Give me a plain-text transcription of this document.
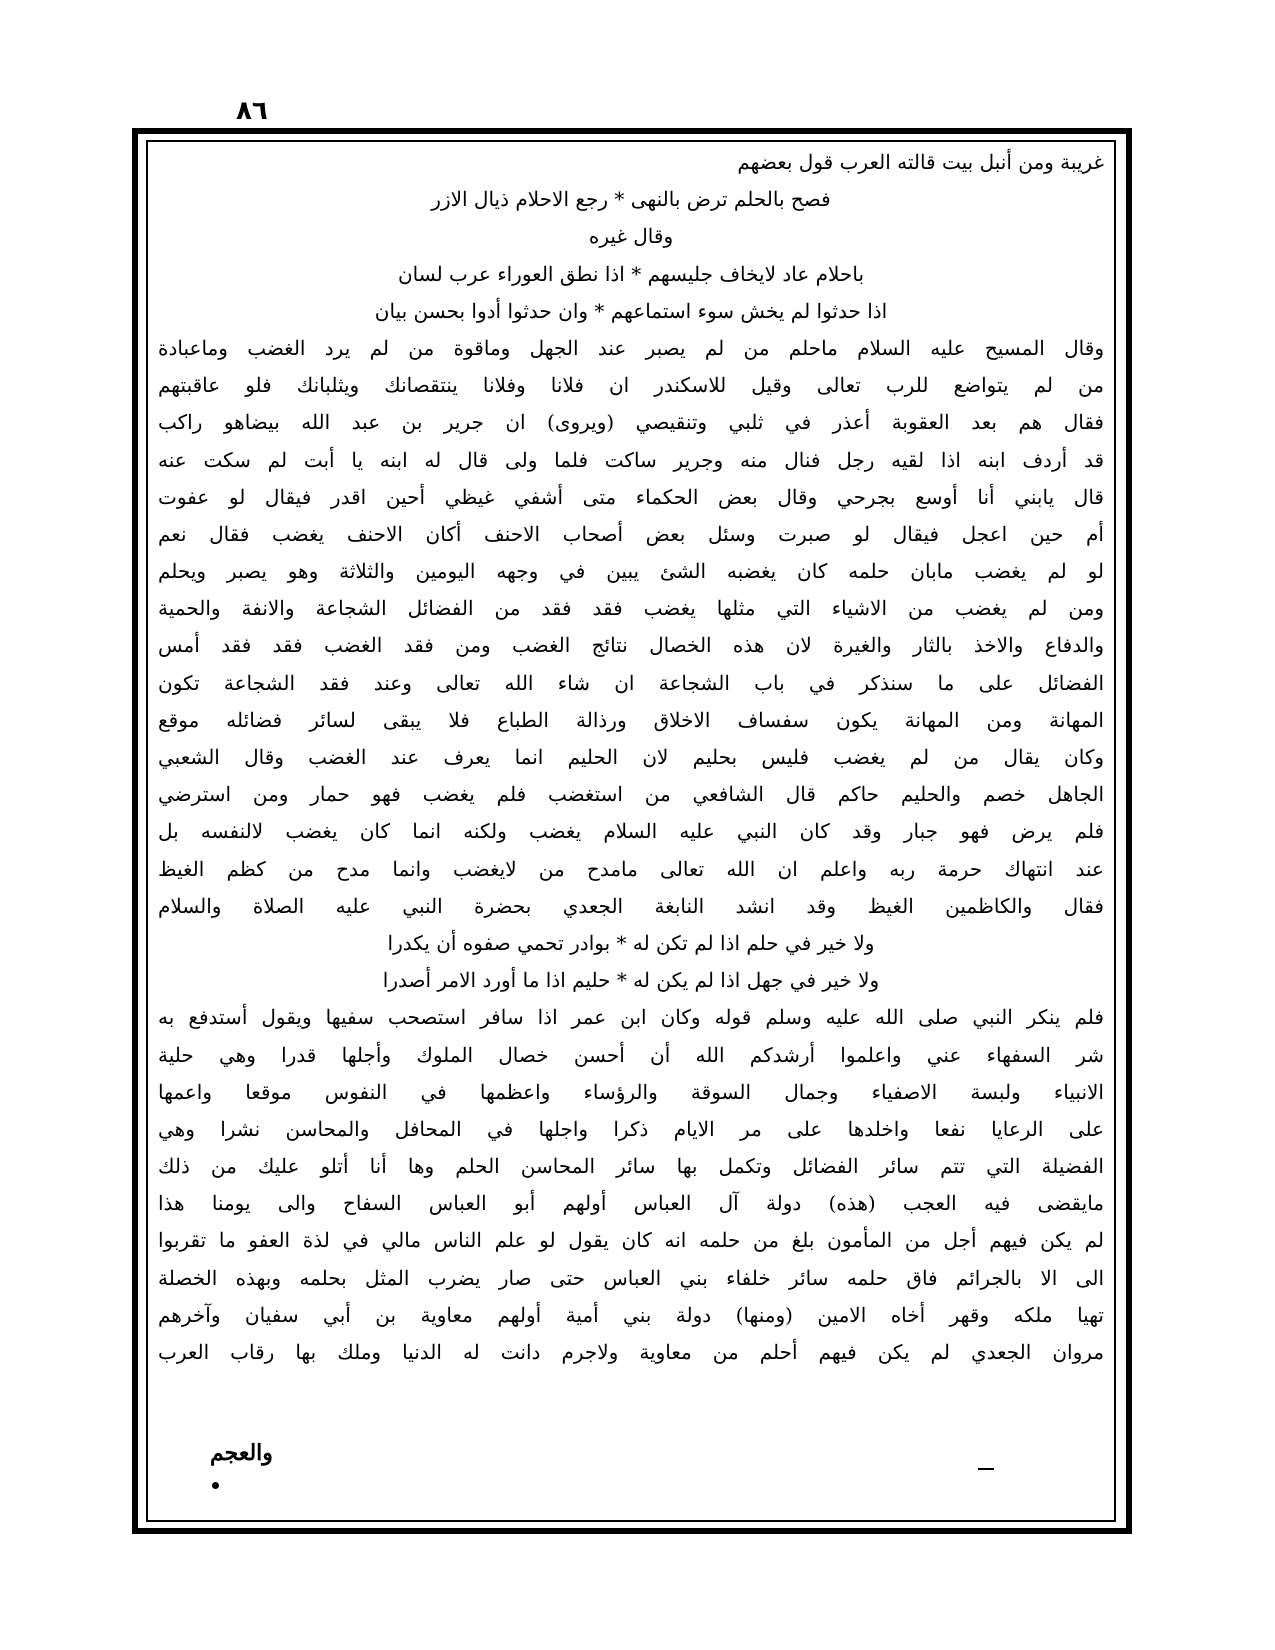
٨٦
غريبة ومن أنبل بيت قالته العرب قول بعضهم
فصح بالحلم ترض بالنهى * رجع الاحلام ذيال الازر
وقال غيره
باحلام عاد لايخاف جليسهم * اذا نطق العوراء عرب لسان
اذا حدثوا لم يخش سوء استماعهم * وان حدثوا أدوا بحسن بيان
وقال المسيح عليه السلام ماحلم من لم يصبر عند الجهل وماقوة من لم يرد الغضب وماعبادة
من لم يتواضع للرب تعالى وقيل للاسكندر ان فلانا وفلانا ينتقصانك ويثلبانك فلو عاقبتهم
فقال هم بعد العقوبة أعذر في ثلبي وتنقيصي (ويروى) ان جرير بن عبد الله بيضاهو راكب
قد أردف ابنه اذا لقيه رجل فنال منه وجرير ساكت فلما ولى قال له ابنه يا أبت لم سكت عنه
قال يابني أنا أوسع بجرحي وقال بعض الحكماء متى أشفي غيظي أحين اقدر فيقال لو عفوت
أم حين اعجل فيقال لو صبرت وسئل بعض أصحاب الاحنف أكان الاحنف يغضب فقال نعم
لو لم يغضب مابان حلمه كان يغضبه الشئ يبين في وجهه اليومين والثلاثة وهو يصبر ويحلم
ومن لم يغضب من الاشياء التي مثلها يغضب فقد فقد من الفضائل الشجاعة والانفة والحمية
والدفاع والاخذ بالثار والغيرة لان هذه الخصال نتائج الغضب ومن فقد الغضب فقد فقد أمس
الفضائل على ما سنذكر في باب الشجاعة ان شاء الله تعالى وعند فقد الشجاعة تكون
المهانة ومن المهانة يكون سفساف الاخلاق ورذالة الطباع فلا يبقى لسائر فضائله موقع
وكان يقال من لم يغضب فليس بحليم لان الحليم انما يعرف عند الغضب وقال الشعبي
الجاهل خصم والحليم حاكم قال الشافعي من استغضب فلم يغضب فهو حمار ومن استرضي
فلم يرض فهو جبار وقد كان النبي عليه السلام يغضب ولكنه انما كان يغضب لالنفسه بل
عند انتهاك حرمة ربه واعلم ان الله تعالى مامدح من لايغضب وانما مدح من كظم الغيظ
فقال والكاظمين الغيظ وقد انشد النابغة الجعدي بحضرة النبي عليه الصلاة والسلام
ولا خير في حلم اذا لم تكن له * بوادر تحمي صفوه أن يكدرا
ولا خير في جهل اذا لم يكن له * حليم اذا ما أورد الامر أصدرا
فلم ينكر النبي صلى الله عليه وسلم قوله وكان ابن عمر اذا سافر استصحب سفيها ويقول أستدفع به
شر السفهاء عني واعلموا أرشدكم الله أن أحسن خصال الملوك وأجلها قدرا وهي حلية
الانبياء ولبسة الاصفياء وجمال السوقة والرؤساء واعظمها في النفوس موقعا واعمها
على الرعايا نفعا واخلدها على مر الايام ذكرا واجلها في المحافل والمحاسن نشرا وهي
الفضيلة التي تتم سائر الفضائل وتكمل بها سائر المحاسن الحلم وها أنا أتلو عليك من ذلك
مايقضى فيه العجب (هذه) دولة آل العباس أولهم أبو العباس السفاح والى يومنا هذا
لم يكن فيهم أجل من المأمون بلغ من حلمه انه كان يقول لو علم الناس مالي في لذة العفو ما تقربوا
الى الا بالجرائم فاق حلمه سائر خلفاء بني العباس حتى صار يضرب المثل بحلمه وبهذه الخصلة
تهيا ملكه وقهر أخاه الامين (ومنها) دولة بني أمية أولهم معاوية بن أبي سفيان وآخرهم
مروان الجعدي لم يكن فيهم أحلم من معاوية ولاجرم دانت له الدنيا وملك بها رقاب العرب
والعجم
